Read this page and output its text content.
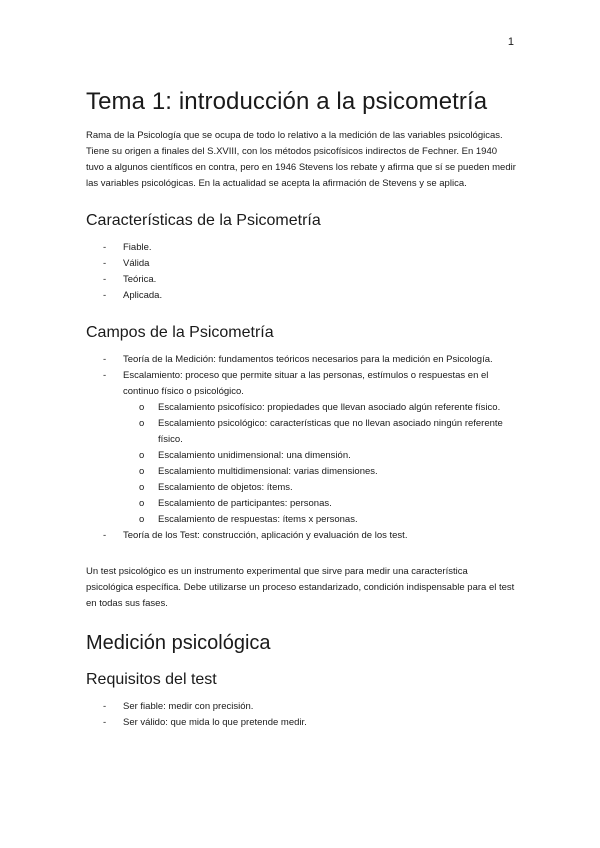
1
Tema 1: introducción a la psicometría

Rama de la Psicología que se ocupa de todo lo relativo a la medición de las variables psicológicas.

Tiene su origen a finales del S.XVIII, con los métodos psicofísicos indirectos de Fechner. En 1940 tuvo a algunos científicos en contra, pero en 1946 Stevens los rebate y afirma que sí se pueden medir las variables psicológicas. En la actualidad se acepta la afirmación de Stevens y se aplica.

Características de la Psicometría
- Fiable.
- Válida
- Teórica.
- Aplicada.
Campos de la Psicometría
- Teoría de la Medición: fundamentos teóricos necesarios para la medición en Psicología.
- Escalamiento: proceso que permite situar a las personas, estímulos o respuestas en el continuo físico o psicológico.
o Escalamiento psicofísico: propiedades que llevan asociado algún referente físico.
o Escalamiento psicológico: características que no llevan asociado ningún referente físico.
o Escalamiento unidimensional: una dimensión.
o Escalamiento multidimensional: varias dimensiones.
o Escalamiento de objetos: ítems.
o Escalamiento de participantes: personas.
o Escalamiento de respuestas: ítems x personas.
- Teoría de los Test: construcción, aplicación y evaluación de los test.

Un test psicológico es un instrumento experimental que sirve para medir una característica psicológica específica. Debe utilizarse un proceso estandarizado, condición indispensable para el test en todas sus fases.

Medición psicológica
Requisitos del test
- Ser fiable: medir con precisión.
- Ser válido: que mida lo que pretende medir.
